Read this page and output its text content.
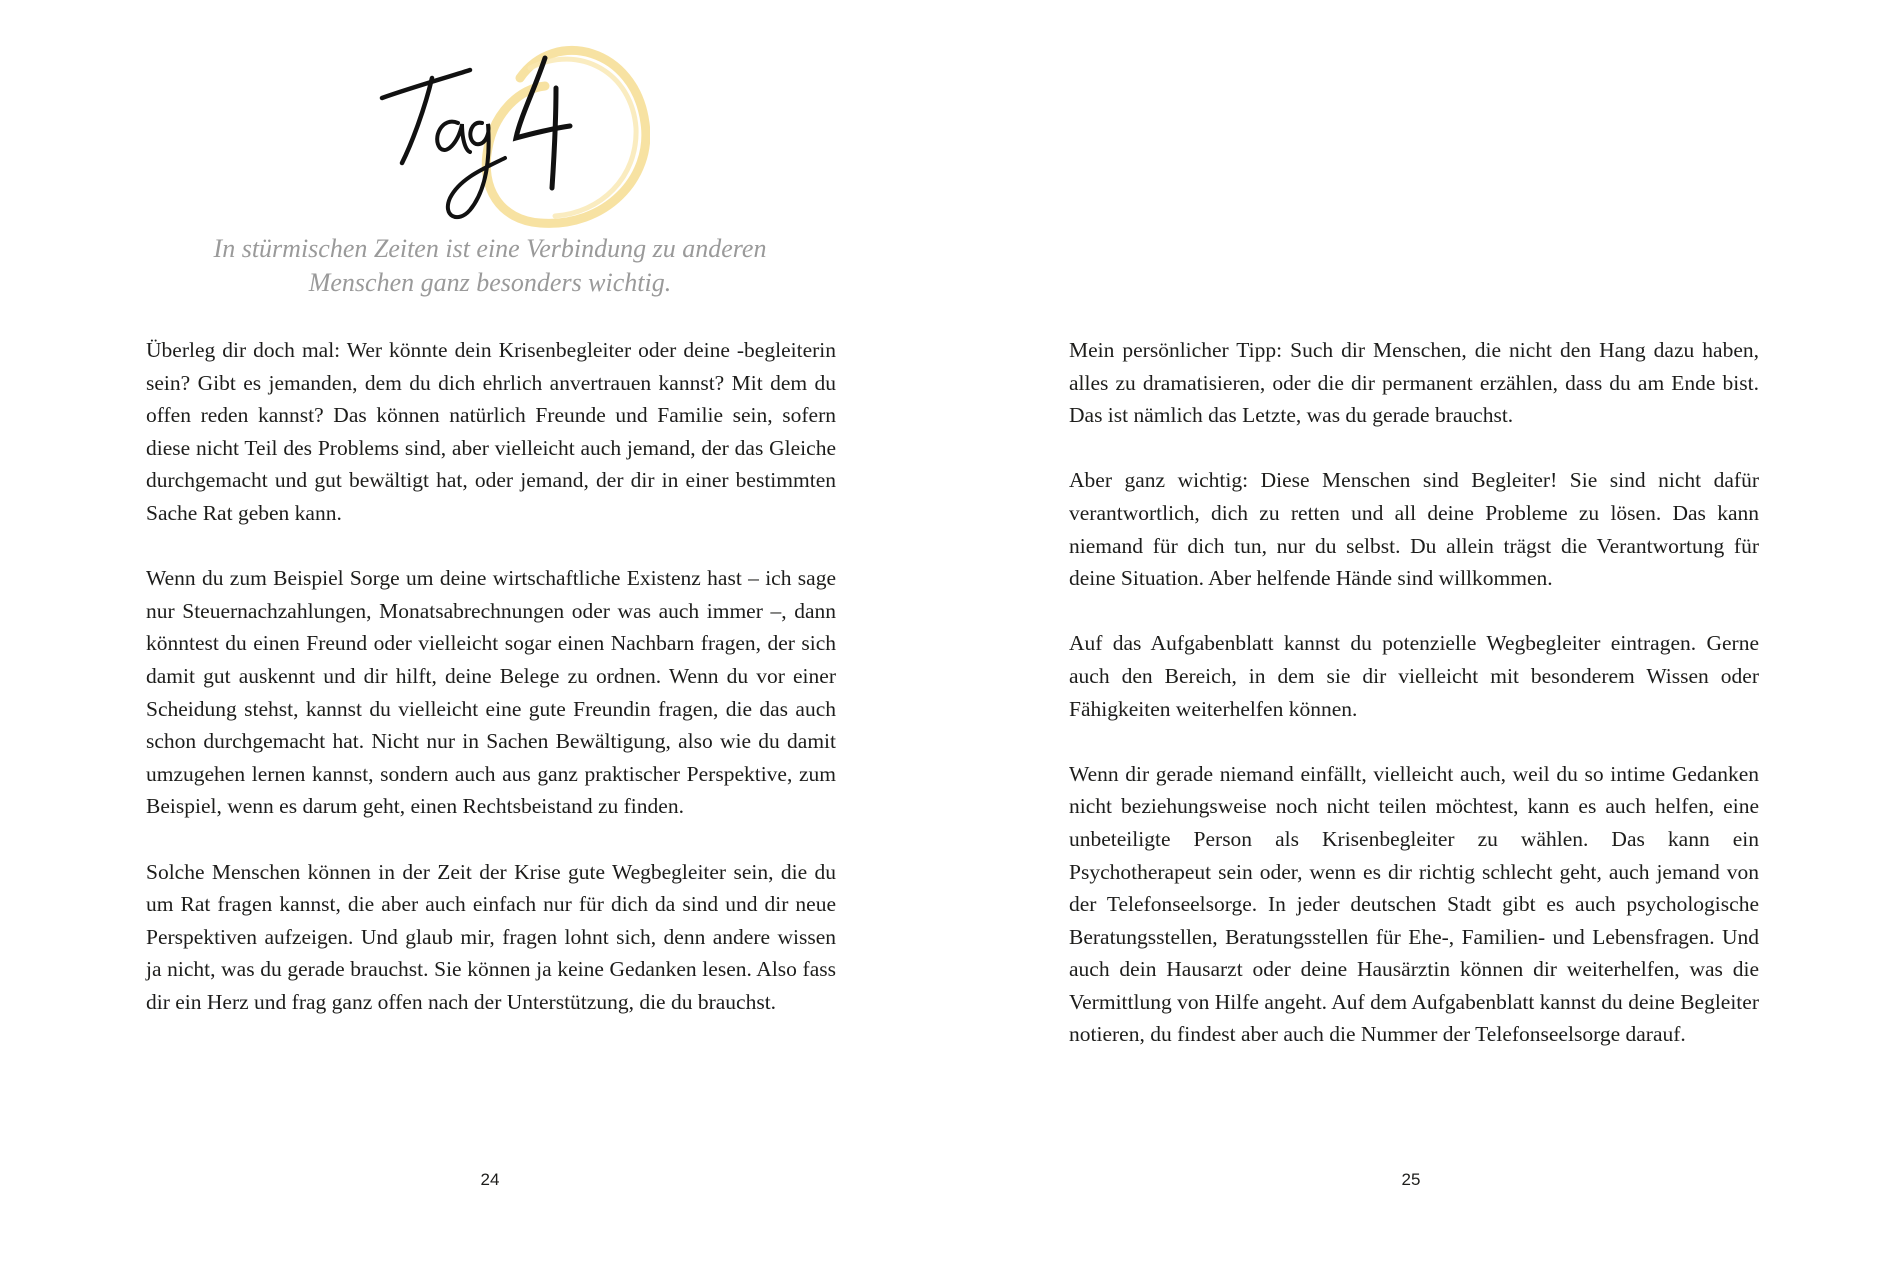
In stürmischen Zeiten ist eine Verbindung zu anderen
Menschen ganz besonders wichtig.

Überleg dir doch mal: Wer könnte dein Krisenbegleiter oder deine -begleiterin sein? Gibt es jemanden, dem du dich ehrlich anvertrauen kannst? Mit dem du offen reden kannst? Das können natürlich Freunde und Familie sein, sofern diese nicht Teil des Problems sind, aber vielleicht auch jemand, der das Gleiche durchgemacht und gut bewältigt hat, oder jemand, der dir in einer bestimmten Sache Rat geben kann.

Wenn du zum Beispiel Sorge um deine wirtschaftliche Existenz hast – ich sage nur Steuernachzahlungen, Monatsabrechnungen oder was auch immer –, dann könntest du einen Freund oder vielleicht sogar einen Nachbarn fragen, der sich damit gut auskennt und dir hilft, deine Belege zu ordnen. Wenn du vor einer Scheidung stehst, kannst du vielleicht eine gute Freundin fragen, die das auch schon durchgemacht hat. Nicht nur in Sachen Bewältigung, also wie du damit umzugehen lernen kannst, sondern auch aus ganz praktischer Perspektive, zum Beispiel, wenn es darum geht, einen Rechtsbeistand zu finden.

Solche Menschen können in der Zeit der Krise gute Wegbegleiter sein, die du um Rat fragen kannst, die aber auch einfach nur für dich da sind und dir neue Perspektiven aufzeigen. Und glaub mir, fragen lohnt sich, denn andere wissen ja nicht, was du gerade brauchst. Sie können ja keine Gedanken lesen. Also fass dir ein Herz und frag ganz offen nach der Unterstützung, die du brauchst.

24

Mein persönlicher Tipp: Such dir Menschen, die nicht den Hang dazu haben, alles zu dramatisieren, oder die dir permanent erzählen, dass du am Ende bist. Das ist nämlich das Letzte, was du gerade brauchst.

Aber ganz wichtig: Diese Menschen sind Begleiter! Sie sind nicht dafür verantwortlich, dich zu retten und all deine Probleme zu lösen. Das kann niemand für dich tun, nur du selbst. Du allein trägst die Verantwortung für deine Situation. Aber helfende Hände sind willkommen.

Auf das Aufgabenblatt kannst du potenzielle Wegbegleiter eintragen. Gerne auch den Bereich, in dem sie dir vielleicht mit besonderem Wissen oder Fähigkeiten weiterhelfen können.

Wenn dir gerade niemand einfällt, vielleicht auch, weil du so intime Gedanken nicht beziehungsweise noch nicht teilen möchtest, kann es auch helfen, eine unbeteiligte Person als Krisenbegleiter zu wählen. Das kann ein Psychotherapeut sein oder, wenn es dir richtig schlecht geht, auch jemand von der Telefonseelsorge. In jeder deutschen Stadt gibt es auch psychologische Beratungsstellen, Beratungsstellen für Ehe-, Familien- und Lebensfragen. Und auch dein Hausarzt oder deine Hausärztin können dir weiterhelfen, was die Vermittlung von Hilfe angeht. Auf dem Aufgabenblatt kannst du deine Begleiter notieren, du findest aber auch die Nummer der Telefonseelsorge darauf.

25
